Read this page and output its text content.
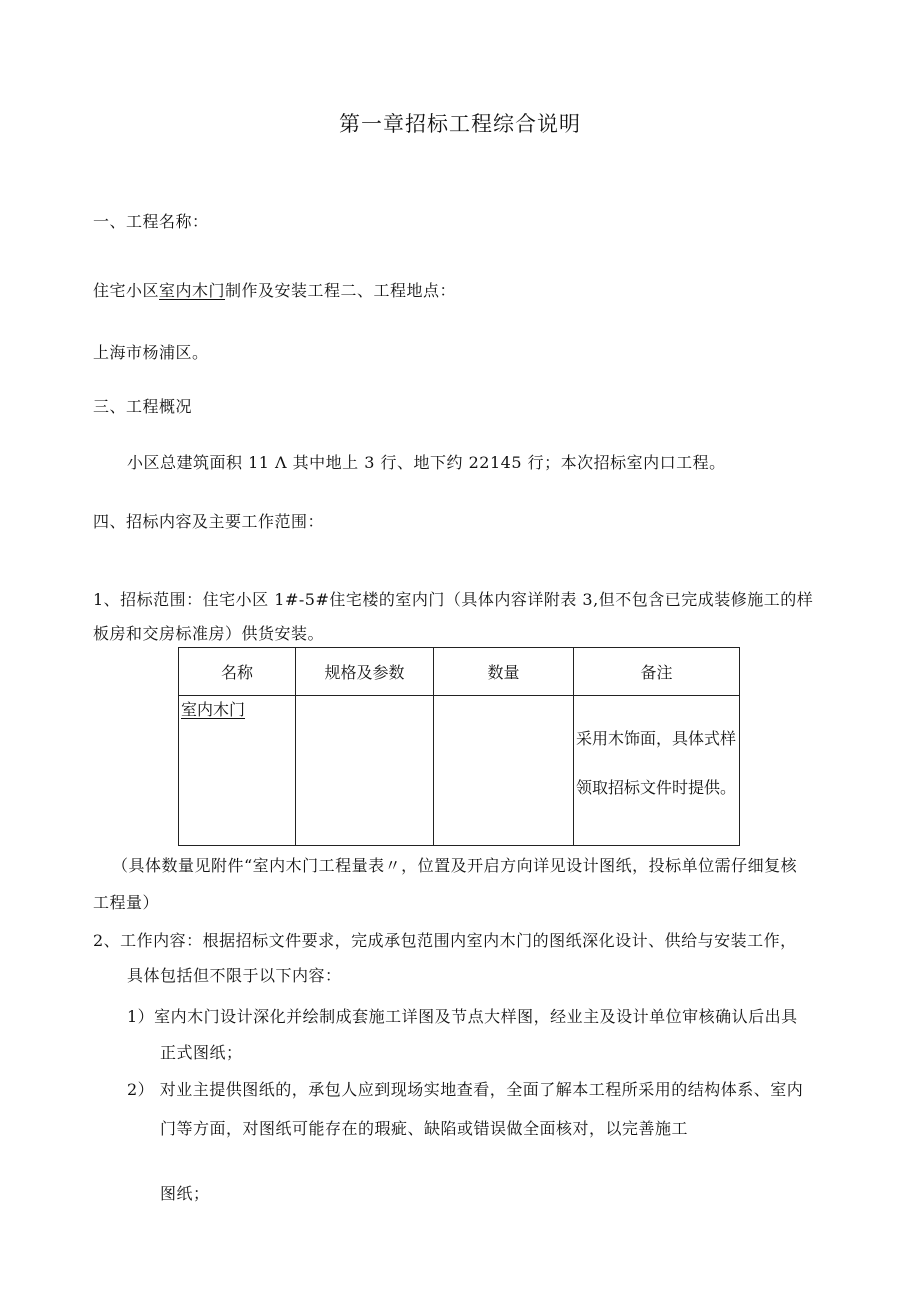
第一章招标工程综合说明
一、工程名称：
住宅小区室内木门制作及安装工程二、工程地点：
上海市杨浦区。
三、工程概况
小区总建筑面积 11 Λ 其中地上 3 行、地下约 22145 行；本次招标室内口工程。
四、招标内容及主要工作范围：
1、招标范围：住宅小区 1#-5#住宅楼的室内门（具体内容详附表 3,但不包含已完成装修施工的样
板房和交房标准房）供货安装。
名称	规格及参数	数量	备注

室内木门			采用木饰面，具体式样领取招标文件时提供。
（具体数量见附件“室内木门工程量表〃，位置及开启方向详见设计图纸，投标单位需仔细复核
工程量）
2、工作内容：根据招标文件要求，完成承包范围内室内木门的图纸深化设计、供给与安装工作，
具体包括但不限于以下内容：
1）室内木门设计深化并绘制成套施工详图及节点大样图，经业主及设计单位审核确认后出具
正式图纸；
2） 对业主提供图纸的，承包人应到现场实地查看，全面了解本工程所采用的结构体系、室内
门等方面，对图纸可能存在的瑕疵、缺陷或错误做全面核对，以完善施工
图纸；
